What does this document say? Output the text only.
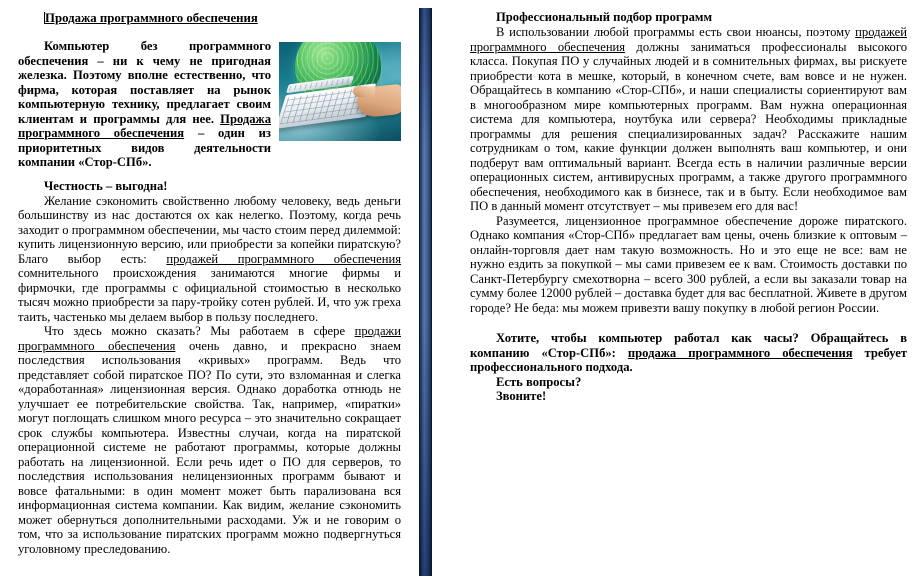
Продажа программного обеспечения

Компьютер без программного обеспечения – ни к чему не пригодная железка. Поэтому вполне естественно, что фирма, которая поставляет на рынок компьютерную технику, предлагает своим клиентам и программы для нее. Продажа программного обеспечения – один из приоритетных видов деятельности компании «Стор-СПб».

Честность – выгодна!

Желание сэкономить свойственно любому человеку, ведь деньги большинству из нас достаются ох как нелегко. Поэтому, когда речь заходит о программном обеспечении, мы часто стоим перед дилеммой: купить лицензионную версию, или приобрести за копейки пиратскую? Благо выбор есть: продажей программного обеспечения сомнительного происхождения занимаются многие фирмы и фирмочки, где программы с официальной стоимостью в несколько тысяч можно приобрести за пару-тройку сотен рублей. И, что уж греха таить, частенько мы делаем выбор в пользу последнего.

Что здесь можно сказать? Мы работаем в сфере продажи программного обеспечения очень давно, и прекрасно знаем последствия использования «кривых» программ. Ведь что представляет собой пиратское ПО? По сути, это взломанная и слегка «доработанная» лицензионная версия. Однако доработка отнюдь не улучшает ее потребительские свойства. Так, например, «пиратки» могут поглощать слишком много ресурса – это значительно сокращает срок службы компьютера. Известны случаи, когда на пиратской операционной системе не работают программы, которые должны работать на лицензионной. Если речь идет о ПО для серверов, то последствия использования нелицензионных программ бывают и вовсе фатальными: в один момент может быть парализована вся информационная система компании. Как видим, желание сэкономить может обернуться дополнительными расходами. Уж и не говорим о том, что за использование пиратских программ можно подвергнуться уголовному преследованию.

Профессиональный подбор программ

В использовании любой программы есть свои нюансы, поэтому продажей программного обеспечения должны заниматься профессионалы высокого класса. Покупая ПО у случайных людей и в сомнительных фирмах, вы рискуете приобрести кота в мешке, который, в конечном счете, вам вовсе и не нужен. Обращайтесь в компанию «Стор-СПб», и наши специалисты сориентируют вам в многообразном мире компьютерных программ. Вам нужна операционная система для компьютера, ноутбука или сервера? Необходимы прикладные программы для решения специализированных задач? Расскажите нашим сотрудникам о том, какие функции должен выполнять ваш компьютер, и они подберут вам оптимальный вариант. Всегда есть в наличии различные версии операционных систем, антивирусных программ, а также другого программного обеспечения, необходимого как в бизнесе, так и в быту. Если необходимое вам ПО в данный момент отсутствует – мы привезем его для вас!

Разумеется, лицензионное программное обеспечение дороже пиратского. Однако компания «Стор-СПб» предлагает вам цены, очень близкие к оптовым – онлайн-торговля дает нам такую возможность. Но и это еще не все: вам не нужно ездить за покупкой – мы сами привезем ее к вам. Стоимость доставки по Санкт-Петербургу смехотворна – всего 300 рублей, а если вы заказали товар на сумму более 12000 рублей – доставка будет для вас бесплатной. Живете в другом городе? Не беда: мы можем привезти вашу покупку в любой регион России.

Хотите, чтобы компьютер работал как часы? Обращайтесь в компанию «Стор-СПб»: продажа программного обеспечения требует профессионального подхода.

Есть вопросы?

Звоните!
